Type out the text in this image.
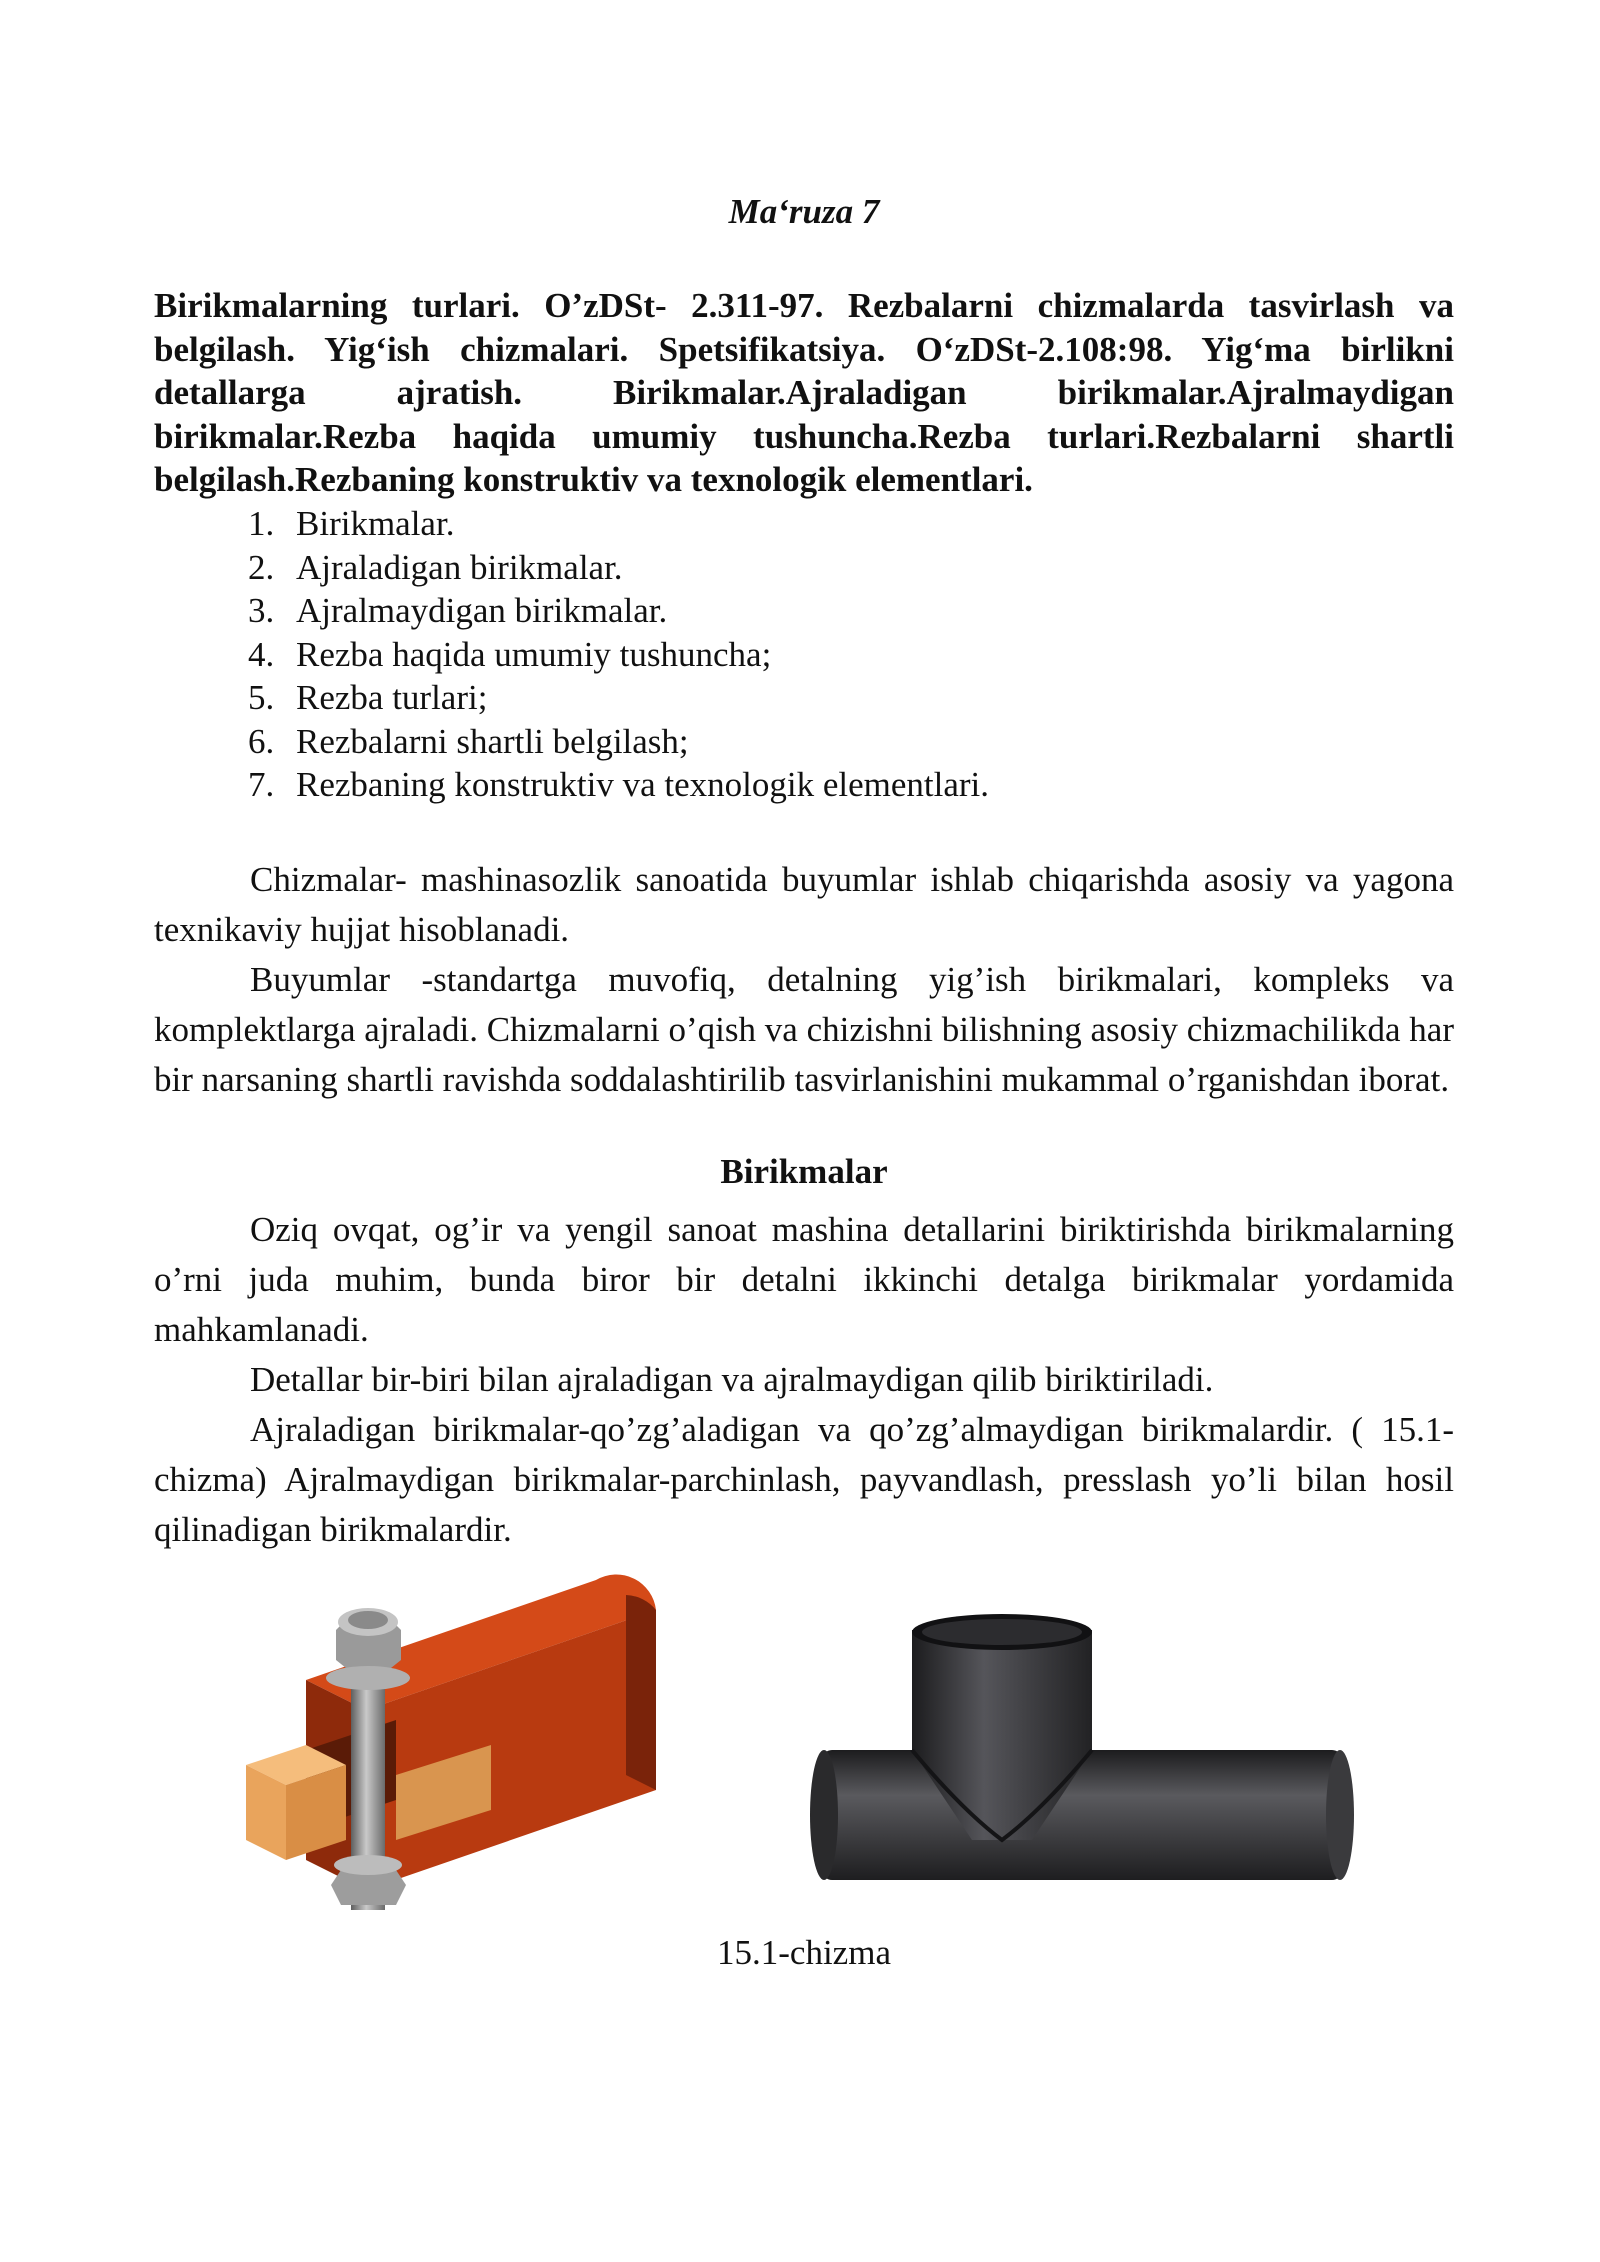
Ma‘ruza 7
Birikmalarning turlari. O’zDSt- 2.311-97. Rezbalarni chizmalarda tasvirlash va belgilash. Yig‘ish chizmalari. Spetsifikatsiya. O‘zDSt-2.108:98. Yig‘ma birlikni detallarga ajratish. Birikmalar.Ajraladigan birikmalar.Ajralmaydigan birikmalar.Rezba haqida umumiy tushuncha.Rezba turlari.Rezbalarni shartli belgilash.Rezbaning konstruktiv va texnologik elementlari.
1. Birikmalar.
2. Ajraladigan birikmalar.
3. Ajralmaydigan birikmalar.
4. Rezba haqida umumiy tushuncha;
5. Rezba turlari;
6. Rezbalarni shartli belgilash;
7. Rezbaning konstruktiv va texnologik elementlari.

Chizmalar- mashinasozlik sanoatida buyumlar ishlab chiqarishda asosiy va yagona texnikaviy hujjat hisoblanadi.

Buyumlar -standartga muvofiq, detalning yig’ish birikmalari, kompleks va komplektlarga ajraladi. Chizmalarni o’qish va chizishni bilishning asosiy chizmachilikda har bir narsaning shartli ravishda soddalashtirilib tasvirlanishini mukammal o’rganishdan iborat.

Birikmalar

Oziq ovqat, og’ir va yengil sanoat mashina detallarini biriktirishda birikmalarning o’rni juda muhim, bunda biror bir detalni ikkinchi detalga birikmalar yordamida mahkamlanadi.

Detallar bir-biri bilan ajraladigan va ajralmaydigan qilib biriktiriladi.

Ajraladigan birikmalar-qo’zg’aladigan va qo’zg’almaydigan birikmalardir. ( 15.1-chizma) Ajralmaydigan birikmalar-parchinlash, payvandlash, presslash yo’li bilan hosil qilinadigan birikmalardir.

15.1-chizma
